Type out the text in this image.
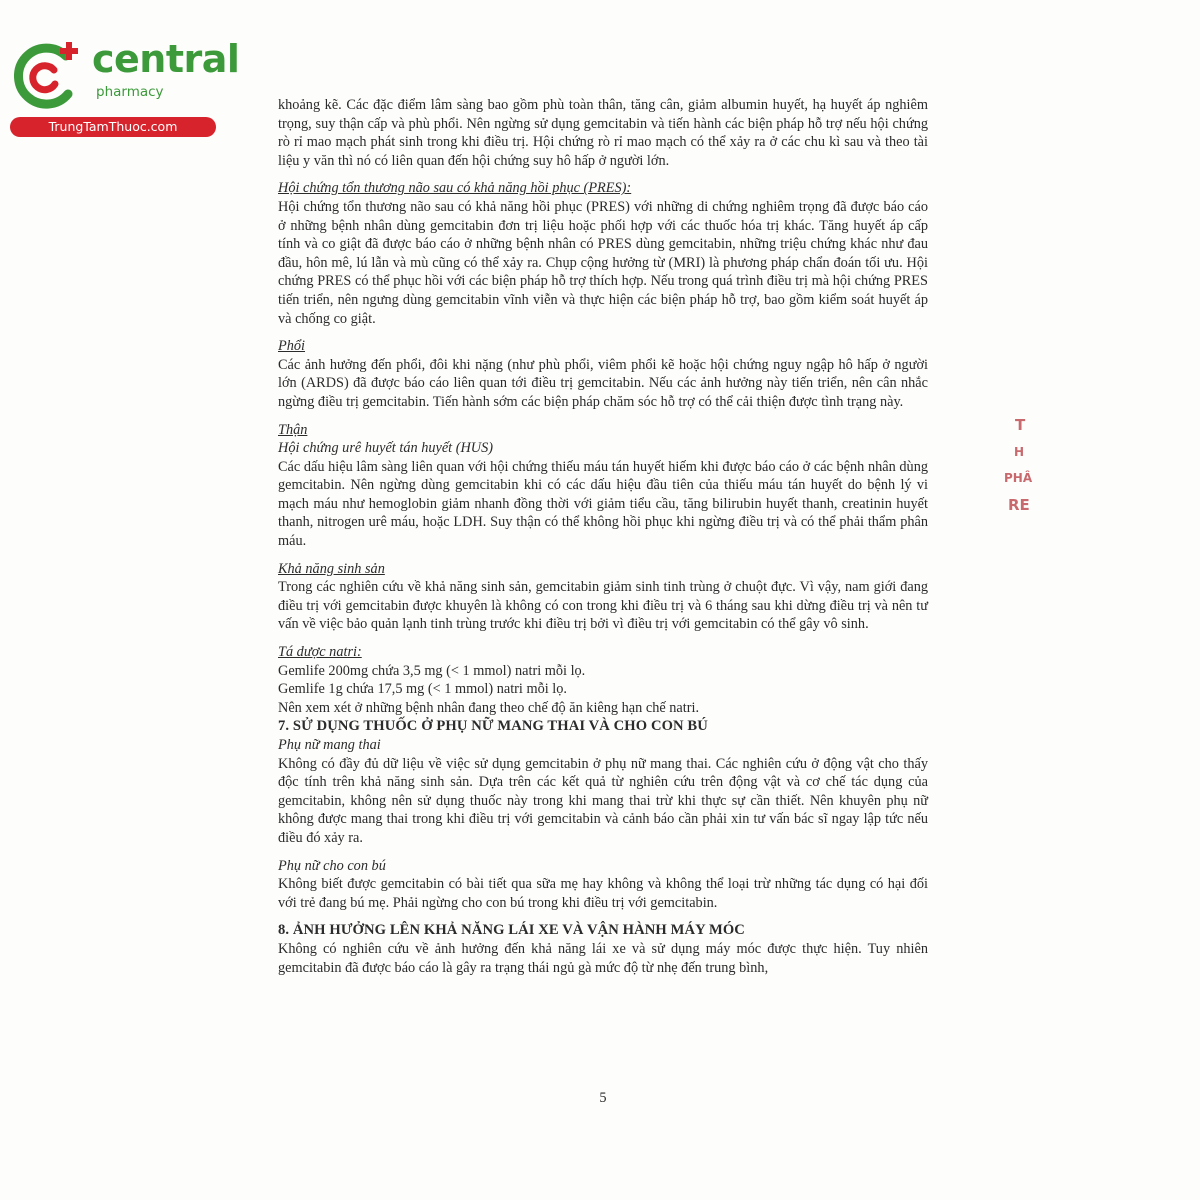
central
pharmacy
TrungTamThuoc.com

khoảng kẽ. Các đặc điểm lâm sàng bao gồm phù toàn thân, tăng cân, giảm albumin huyết, hạ huyết áp nghiêm trọng, suy thận cấp và phù phổi. Nên ngừng sử dụng gemcitabin và tiến hành các biện pháp hỗ trợ nếu hội chứng rò rỉ mao mạch phát sinh trong khi điều trị. Hội chứng rò rỉ mao mạch có thể xảy ra ở các chu kì sau và theo tài liệu y văn thì nó có liên quan đến hội chứng suy hô hấp ở người lớn.

Hội chứng tổn thương não sau có khả năng hồi phục (PRES):

Hội chứng tổn thương não sau có khả năng hồi phục (PRES) với những di chứng nghiêm trọng đã được báo cáo ở những bệnh nhân dùng gemcitabin đơn trị liệu hoặc phối hợp với các thuốc hóa trị khác. Tăng huyết áp cấp tính và co giật đã được báo cáo ở những bệnh nhân có PRES dùng gemcitabin, những triệu chứng khác như đau đầu, hôn mê, lú lẫn và mù cũng có thể xảy ra. Chụp cộng hưởng từ (MRI) là phương pháp chẩn đoán tối ưu. Hội chứng PRES có thể phục hồi với các biện pháp hỗ trợ thích hợp. Nếu trong quá trình điều trị mà hội chứng PRES tiến triển, nên ngưng dùng gemcitabin vĩnh viễn và thực hiện các biện pháp hỗ trợ, bao gồm kiểm soát huyết áp và chống co giật.

Phổi

Các ảnh hưởng đến phổi, đôi khi nặng (như phù phổi, viêm phổi kẽ hoặc hội chứng nguy ngập hô hấp ở người lớn (ARDS) đã được báo cáo liên quan tới điều trị gemcitabin. Nếu các ảnh hưởng này tiến triển, nên cân nhắc ngừng điều trị gemcitabin. Tiến hành sớm các biện pháp chăm sóc hỗ trợ có thể cải thiện được tình trạng này.

Thận

Hội chứng urê huyết tán huyết (HUS)

Các dấu hiệu lâm sàng liên quan với hội chứng thiếu máu tán huyết hiếm khi được báo cáo ở các bệnh nhân dùng gemcitabin. Nên ngừng dùng gemcitabin khi có các dấu hiệu đầu tiên của thiếu máu tán huyết do bệnh lý vi mạch máu như hemoglobin giảm nhanh đồng thời với giảm tiểu cầu, tăng bilirubin huyết thanh, creatinin huyết thanh, nitrogen urê máu, hoặc LDH. Suy thận có thể không hồi phục khi ngừng điều trị và có thể phải thẩm phân máu.

Khả năng sinh sản

Trong các nghiên cứu về khả năng sinh sản, gemcitabin giảm sinh tinh trùng ở chuột đực. Vì vậy, nam giới đang điều trị với gemcitabin được khuyên là không có con trong khi điều trị và 6 tháng sau khi dừng điều trị và nên tư vấn về việc bảo quản lạnh tinh trùng trước khi điều trị bởi vì điều trị với gemcitabin có thể gây vô sinh.

Tá dược natri:

Gemlife 200mg chứa 3,5 mg (< 1 mmol) natri mỗi lọ.

Gemlife 1g chứa 17,5 mg (< 1 mmol) natri mỗi lọ.

Nên xem xét ở những bệnh nhân đang theo chế độ ăn kiêng hạn chế natri.

7. SỬ DỤNG THUỐC Ở PHỤ NỮ MANG THAI VÀ CHO CON BÚ

Phụ nữ mang thai

Không có đầy đủ dữ liệu về việc sử dụng gemcitabin ở phụ nữ mang thai. Các nghiên cứu ở động vật cho thấy độc tính trên khả năng sinh sản. Dựa trên các kết quả từ nghiên cứu trên động vật và cơ chế tác dụng của gemcitabin, không nên sử dụng thuốc này trong khi mang thai trừ khi thực sự cần thiết. Nên khuyên phụ nữ không được mang thai trong khi điều trị với gemcitabin và cảnh báo cần phải xin tư vấn bác sĩ ngay lập tức nếu điều đó xảy ra.

Phụ nữ cho con bú

Không biết được gemcitabin có bài tiết qua sữa mẹ hay không và không thể loại trừ những tác dụng có hại đối với trẻ đang bú mẹ. Phải ngừng cho con bú trong khi điều trị với gemcitabin.

8. ẢNH HƯỞNG LÊN KHẢ NĂNG LÁI XE VÀ VẬN HÀNH MÁY MÓC

Không có nghiên cứu về ảnh hưởng đến khả năng lái xe và sử dụng máy móc được thực hiện. Tuy nhiên gemcitabin đã được báo cáo là gây ra trạng thái ngủ gà mức độ từ nhẹ đến trung bình,

5
T
H
PHÂ
RE
